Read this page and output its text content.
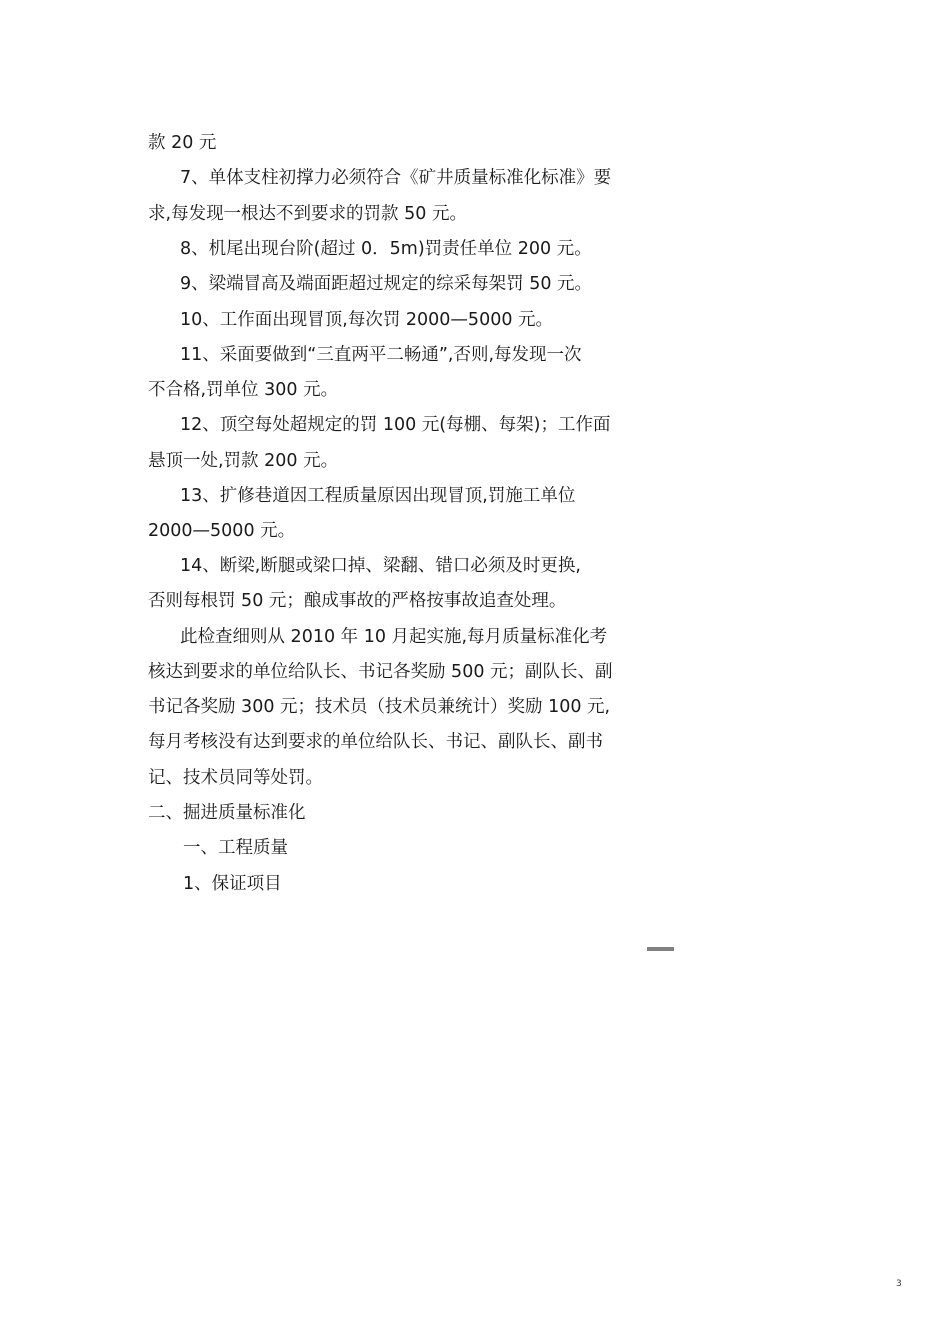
款 20 元

7、单体支柱初撑力必须符合《矿井质量标准化标准》要

求,每发现一根达不到要求的罚款 50 元。

8、机尾出现台阶(超过 0．5m)罚责任单位 200 元。

9、梁端冒高及端面距超过规定的综采每架罚 50 元。

10、工作面出现冒顶,每次罚 2000—5000 元。

11、采面要做到“三直两平二畅通”,否则,每发现一次

不合格,罚单位 300 元。

12、顶空每处超规定的罚 100 元(每棚、每架)；工作面

悬顶一处,罚款 200 元。

13、扩修巷道因工程质量原因出现冒顶,罚施工单位

2000—5000 元。

14、断梁,断腿或梁口掉、梁翻、错口必须及时更换,

否则每根罚 50 元；酿成事故的严格按事故追查处理。

此检查细则从 2010 年 10 月起实施,每月质量标准化考

核达到要求的单位给队长、书记各奖励 500 元；副队长、副

书记各奖励 300 元；技术员（技术员兼统计）奖励 100 元,

每月考核没有达到要求的单位给队长、书记、副队长、副书

记、技术员同等处罚。

二、掘进质量标准化

一、工程质量

1、保证项目

3
